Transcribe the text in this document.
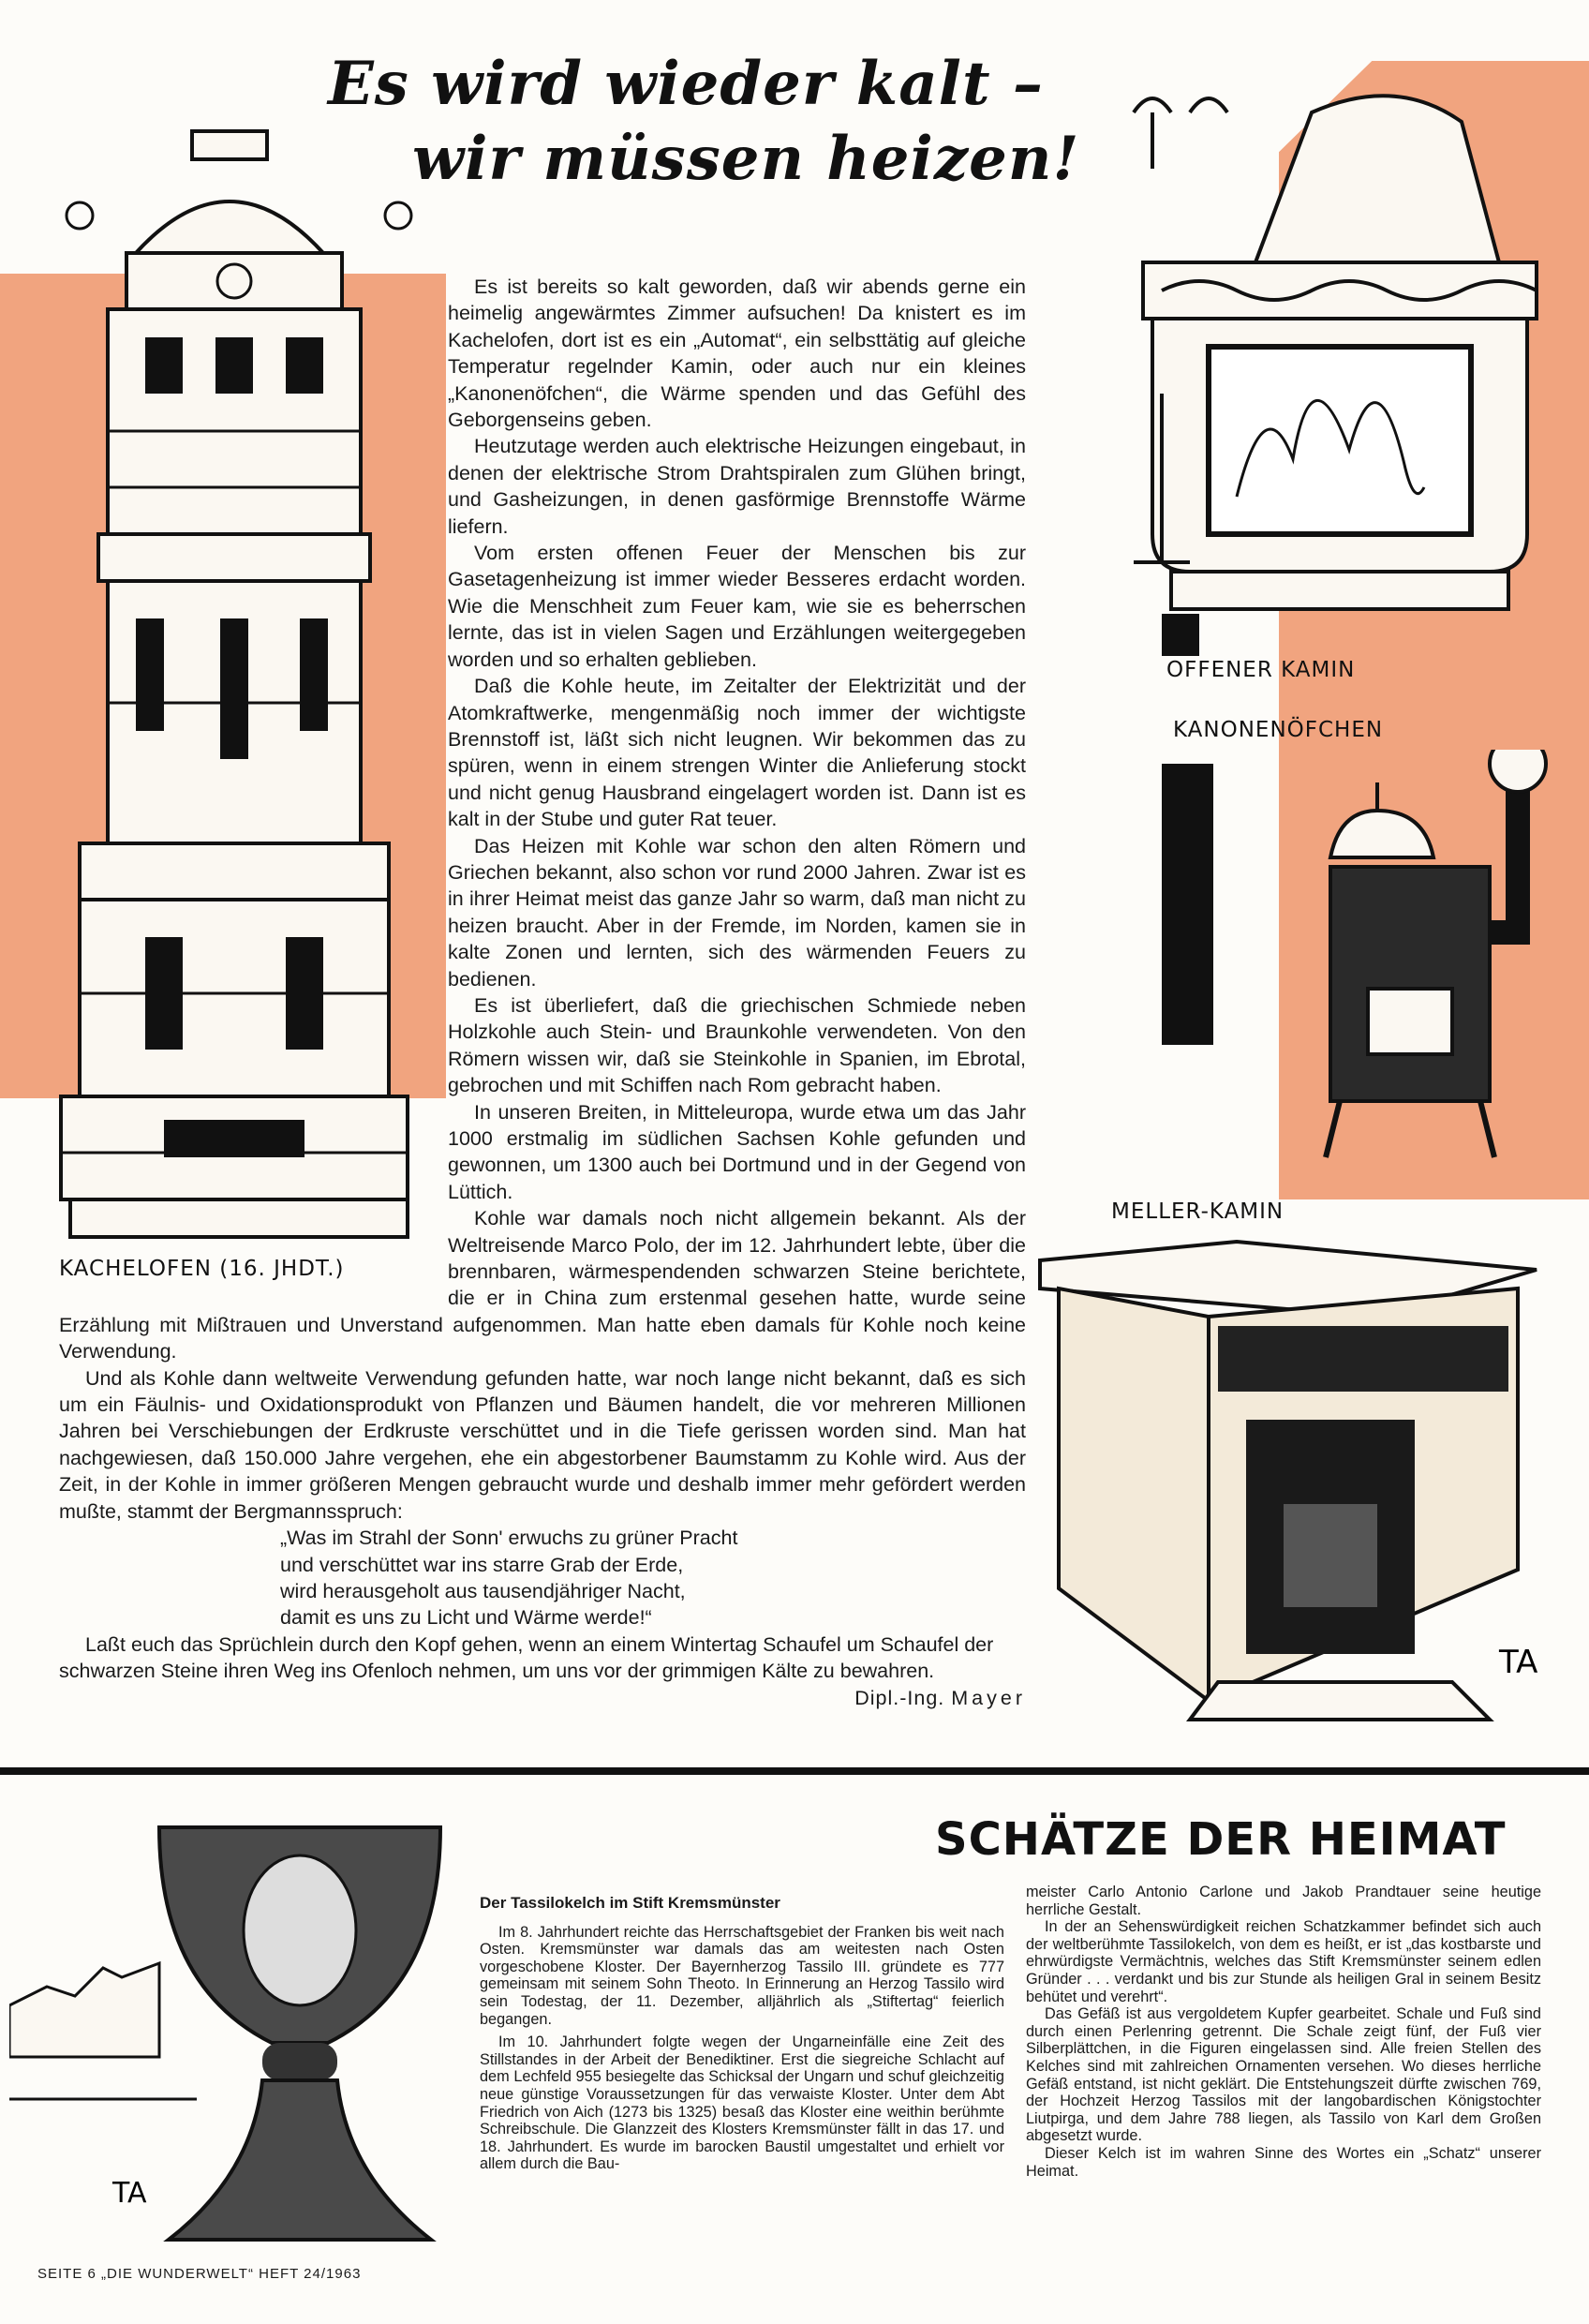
Es wird wieder kalt –
wir müssen heizen!
OFFENER KAMIN
KANONENÖFCHEN
MELLER-KAMIN
TA
KACHELOFEN (16. JHDT.)

Es ist bereits so kalt geworden, daß wir abends gerne ein heimelig angewärmtes Zimmer aufsuchen! Da knistert es im Kachelofen, dort ist es ein „Automat“, ein selbsttätig auf gleiche Temperatur regelnder Kamin, oder auch nur ein kleines „Kanonenöfchen“, die Wärme spenden und das Gefühl des Geborgenseins geben.

Heutzutage werden auch elektrische Heizungen eingebaut, in denen der elektrische Strom Drahtspiralen zum Glühen bringt, und Gasheizungen, in denen gasförmige Brennstoffe Wärme liefern.

Vom ersten offenen Feuer der Menschen bis zur Gasetagenheizung ist immer wieder Besseres erdacht worden. Wie die Menschheit zum Feuer kam, wie sie es beherrschen lernte, das ist in vielen Sagen und Erzählungen weitergegeben worden und so erhalten geblieben.

Daß die Kohle heute, im Zeitalter der Elektrizität und der Atomkraftwerke, mengenmäßig noch immer der wichtigste Brennstoff ist, läßt sich nicht leugnen. Wir bekommen das zu spüren, wenn in einem strengen Winter die Anlieferung stockt und nicht genug Hausbrand eingelagert worden ist. Dann ist es kalt in der Stube und guter Rat teuer.

Das Heizen mit Kohle war schon den alten Römern und Griechen bekannt, also schon vor rund 2000 Jahren. Zwar ist es in ihrer Heimat meist das ganze Jahr so warm, daß man nicht zu heizen braucht. Aber in der Fremde, im Norden, kamen sie in kalte Zonen und lernten, sich des wärmenden Feuers zu bedienen.

Es ist überliefert, daß die griechischen Schmiede neben Holzkohle auch Stein- und Braunkohle verwendeten. Von den Römern wissen wir, daß sie Steinkohle in Spanien, im Ebrotal, gebrochen und mit Schiffen nach Rom gebracht haben.

In unseren Breiten, in Mitteleuropa, wurde etwa um das Jahr 1000 erstmalig im südlichen Sachsen Kohle gefunden und gewonnen, um 1300 auch bei Dortmund und in der Gegend von Lüttich.

Kohle war damals noch nicht allgemein bekannt. Als der Weltreisende Marco Polo, der im 12. Jahrhundert lebte, über die brennbaren, wärmespendenden schwarzen Steine berichtete, die er in China zum erstenmal gesehen hatte, wurde seine Erzählung mit Mißtrauen und Unverstand aufgenommen. Man hatte eben damals für Kohle noch keine Verwendung.

Und als Kohle dann weltweite Verwendung gefunden hatte, war noch lange nicht bekannt, daß es sich um ein Fäulnis- und Oxidationsprodukt von Pflanzen und Bäumen handelt, die vor mehreren Millionen Jahren bei Verschiebungen der Erdkruste verschüttet und in die Tiefe gerissen worden sind. Man hat nachgewiesen, daß 150.000 Jahre vergehen, ehe ein abgestorbener Baumstamm zu Kohle wird. Aus der Zeit, in der Kohle in immer größeren Mengen gebraucht wurde und deshalb immer mehr gefördert werden mußte, stammt der Bergmannsspruch:

„Was im Strahl der Sonn' erwuchs zu grüner Pracht
und verschüttet war ins starre Grab der Erde,
wird herausgeholt aus tausendjähriger Nacht,
damit es uns zu Licht und Wärme werde!“

Laßt euch das Sprüchlein durch den Kopf gehen, wenn an einem Wintertag Schaufel um Schaufel der schwarzen Steine ihren Weg ins Ofenloch nehmen, um uns vor der grimmigen Kälte zu bewahren.
Dipl.-Ing. Mayer

TA
SCHÄTZE DER HEIMAT
Der Tassilokelch im Stift Kremsmünster

Im 8. Jahrhundert reichte das Herrschaftsgebiet der Franken bis weit nach Osten. Kremsmünster war damals das am weitesten nach Osten vorgeschobene Kloster. Der Bayernherzog Tassilo III. gründete es 777 gemeinsam mit seinem Sohn Theoto. In Erinnerung an Herzog Tassilo wird sein Todestag, der 11. Dezember, alljährlich als „Stiftertag“ feierlich begangen.

Im 10. Jahrhundert folgte wegen der Ungarneinfälle eine Zeit des Stillstandes in der Arbeit der Benediktiner. Erst die siegreiche Schlacht auf dem Lechfeld 955 besiegelte das Schicksal der Ungarn und schuf gleichzeitig neue günstige Voraussetzungen für das verwaiste Kloster. Unter dem Abt Friedrich von Aich (1273 bis 1325) besaß das Kloster eine weithin berühmte Schreibschule. Die Glanzzeit des Klosters Kremsmünster fällt in das 17. und 18. Jahrhundert. Es wurde im barocken Baustil umgestaltet und erhielt vor allem durch die Bau-

meister Carlo Antonio Carlone und Jakob Prandtauer seine heutige herrliche Gestalt.

In der an Sehenswürdigkeit reichen Schatzkammer befindet sich auch der weltberühmte Tassilokelch, von dem es heißt, er ist „das kostbarste und ehrwürdigste Vermächtnis, welches das Stift Kremsmünster seinem edlen Gründer . . . verdankt und bis zur Stunde als heiligen Gral in seinem Besitz behütet und verehrt“.

Das Gefäß ist aus vergoldetem Kupfer gearbeitet. Schale und Fuß sind durch einen Perlenring getrennt. Die Schale zeigt fünf, der Fuß vier Silberplättchen, in die Figuren eingelassen sind. Alle freien Stellen des Kelches sind mit zahlreichen Ornamenten versehen. Wo dieses herrliche Gefäß entstand, ist nicht geklärt. Die Entstehungszeit dürfte zwischen 769, der Hochzeit Herzog Tassilos mit der langobardischen Königstochter Liutpirga, und dem Jahre 788 liegen, als Tassilo von Karl dem Großen abgesetzt wurde.

Dieser Kelch ist im wahren Sinne des Wortes ein „Schatz“ unserer Heimat.

SEITE 6 „DIE WUNDERWELT“ HEFT 24/1963
